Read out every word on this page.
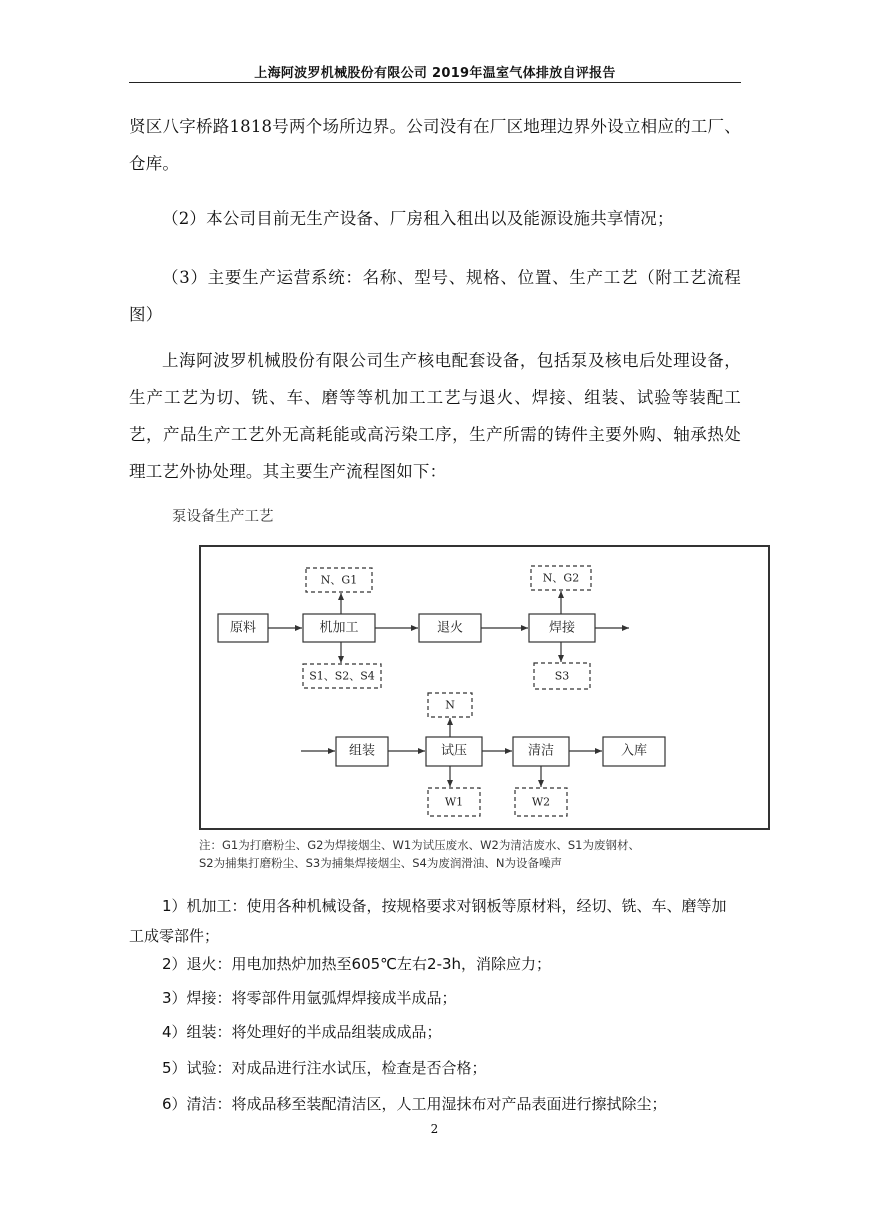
上海阿波罗机械股份有限公司 2019年温室气体排放自评报告

贤区八字桥路1818号两个场所边界。公司没有在厂区地理边界外设立相应的工厂、仓库。

（2）本公司目前无生产设备、厂房租入租出以及能源设施共享情况；

（3）主要生产运营系统：名称、型号、规格、位置、生产工艺（附工艺流程图）

上海阿波罗机械股份有限公司生产核电配套设备，包括泵及核电后处理设备，生产工艺为切、铣、车、磨等等机加工工艺与退火、焊接、组装、试验等装配工艺，产品生产工艺外无高耗能或高污染工序，生产所需的铸件主要外购、轴承热处理工艺外协处理。其主要生产流程图如下：

泵设备生产工艺
原料	机加工	退火	焊接
N、G1
S1、S2、S4
N、G2
S3
组装	试压	清洁	入库
N
W1	W2
注：G1为打磨粉尘、G2为焊接烟尘、W1为试压废水、W2为清洁废水、S1为废钢材、
S2为捕集打磨粉尘、S3为捕集焊接烟尘、S4为废润滑油、N为设备噪声

1）机加工：使用各种机械设备，按规格要求对钢板等原材料，经切、铣、车、磨等加工成零部件；

2）退火：用电加热炉加热至605℃左右2-3h，消除应力；

3）焊接：将零部件用氩弧焊焊接成半成品；

4）组装：将处理好的半成品组装成成品；

5）试验：对成品进行注水试压，检查是否合格；

6）清洁：将成品移至装配清洁区，人工用湿抹布对产品表面进行擦拭除尘；

2
